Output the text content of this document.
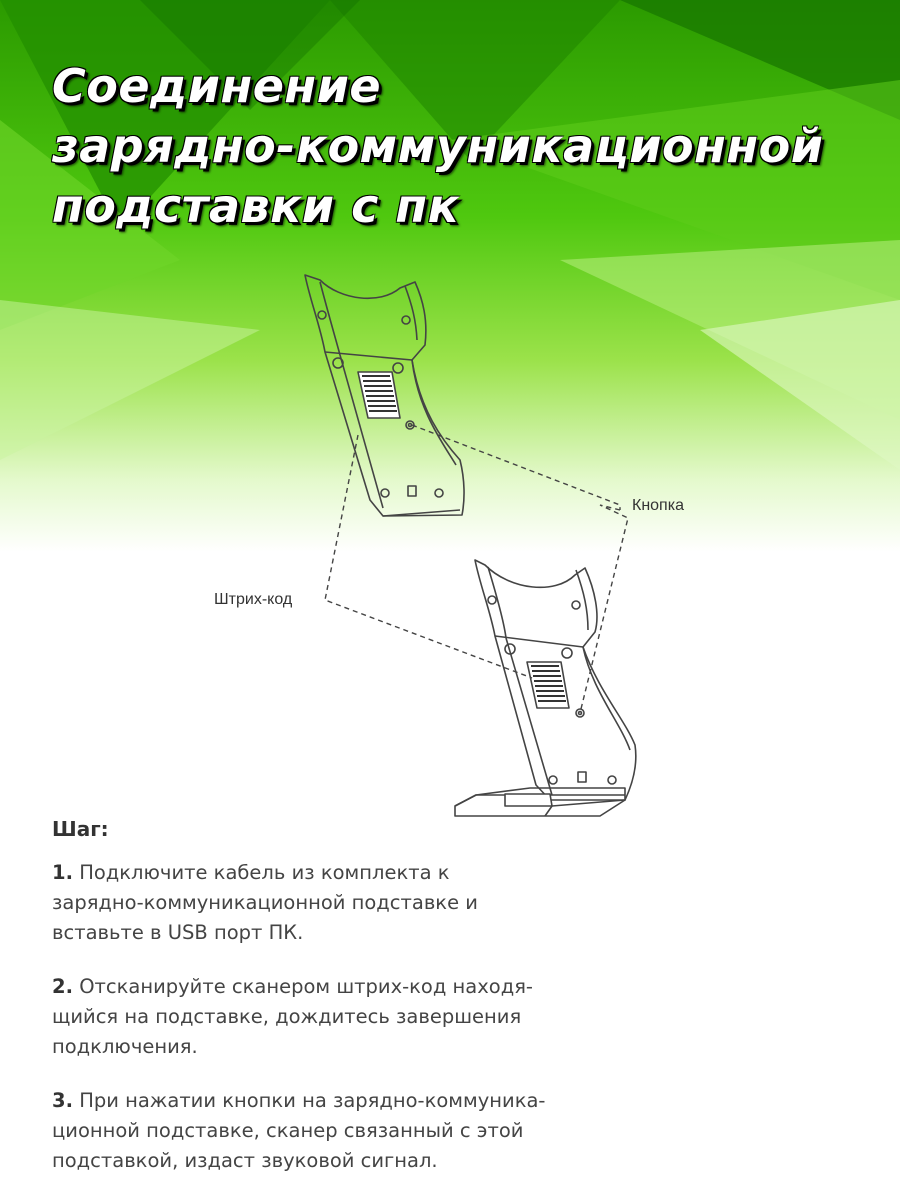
Соединение
зарядно-коммуникационной
подставки с пк
Кнопка
Штрих-код

Шаг:

1. Подключите кабель из комплекта к
зарядно-коммуникационной подставке и
вставьте в USB порт ПК.
2. Отсканируйте сканером штрих-код находя-
щийся на подставке, дождитесь завершения
подключения.
3. При нажатии кнопки на зарядно-коммуника-
ционной подставке, сканер связанный с этой
подставкой, издаст звуковой сигнал.
